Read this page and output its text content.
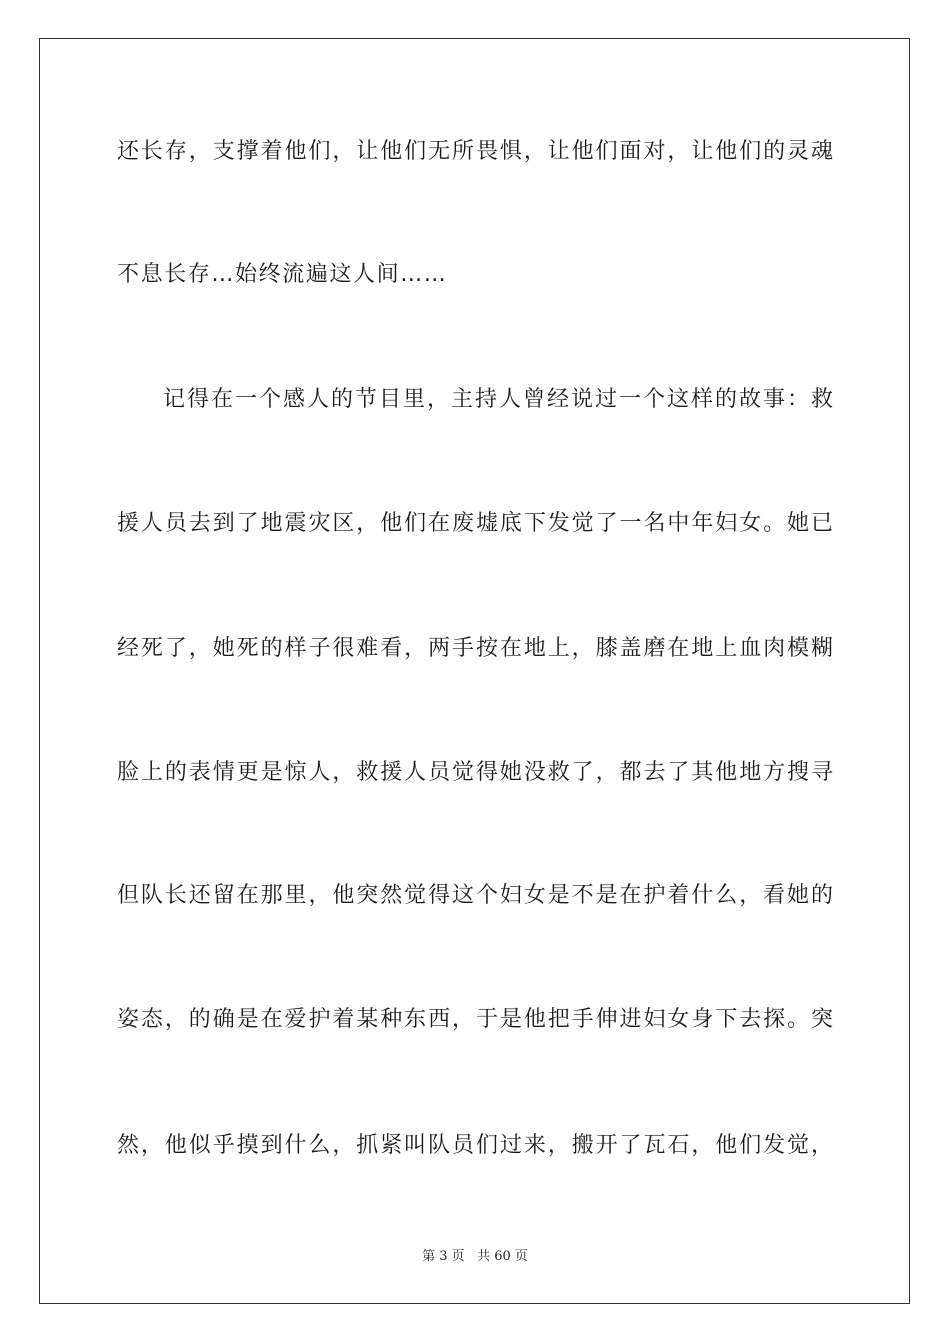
还长存，支撑着他们，让他们无所畏惧，让他们面对，让他们的灵魂
不息长存…始终流遍这人间……
记得在一个感人的节目里，主持人曾经说过一个这样的故事：救
援人员去到了地震灾区，他们在废墟底下发觉了一名中年妇女。她已
经死了，她死的样子很难看，两手按在地上，膝盖磨在地上血肉模糊
脸上的表情更是惊人，救援人员觉得她没救了，都去了其他地方搜寻
但队长还留在那里，他突然觉得这个妇女是不是在护着什么，看她的
姿态，的确是在爱护着某种东西，于是他把手伸进妇女身下去探。突
然，他似乎摸到什么，抓紧叫队员们过来，搬开了瓦石，他们发觉，
第 3 页 共 60 页
